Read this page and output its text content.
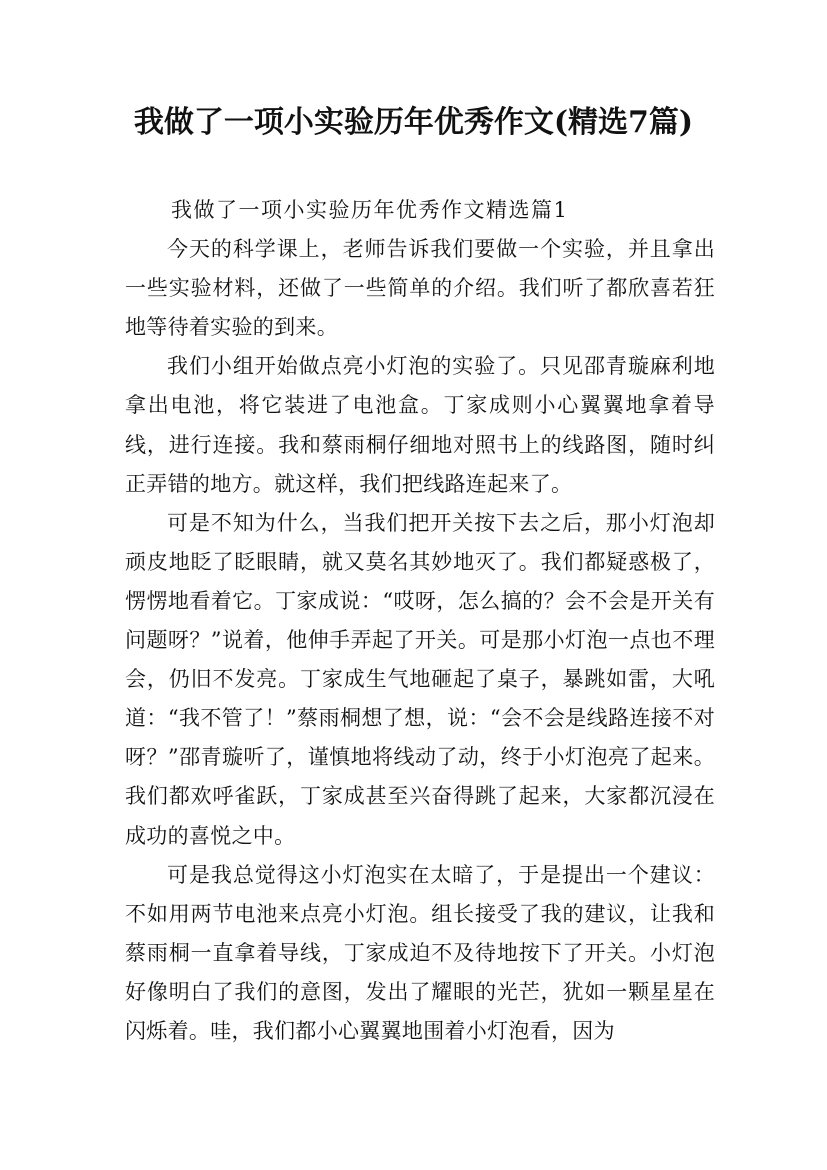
我做了一项小实验历年优秀作文(精选7篇)

我做了一项小实验历年优秀作文精选篇1

今天的科学课上，老师告诉我们要做一个实验，并且拿出一些实验材料，还做了一些简单的介绍。我们听了都欣喜若狂地等待着实验的到来。

我们小组开始做点亮小灯泡的实验了。只见邵青璇麻利地拿出电池，将它装进了电池盒。丁家成则小心翼翼地拿着导线，进行连接。我和蔡雨桐仔细地对照书上的线路图，随时纠正弄错的地方。就这样，我们把线路连起来了。

可是不知为什么，当我们把开关按下去之后，那小灯泡却顽皮地眨了眨眼睛，就又莫名其妙地灭了。我们都疑惑极了，愣愣地看着它。丁家成说：“哎呀，怎么搞的？会不会是开关有问题呀？”说着，他伸手弄起了开关。可是那小灯泡一点也不理会，仍旧不发亮。丁家成生气地砸起了桌子，暴跳如雷，大吼道：“我不管了！”蔡雨桐想了想，说：“会不会是线路连接不对呀？”邵青璇听了，谨慎地将线动了动，终于小灯泡亮了起来。我们都欢呼雀跃，丁家成甚至兴奋得跳了起来，大家都沉浸在成功的喜悦之中。

可是我总觉得这小灯泡实在太暗了，于是提出一个建议：不如用两节电池来点亮小灯泡。组长接受了我的建议，让我和蔡雨桐一直拿着导线，丁家成迫不及待地按下了开关。小灯泡好像明白了我们的意图，发出了耀眼的光芒，犹如一颗星星在闪烁着。哇，我们都小心翼翼地围着小灯泡看，因为
